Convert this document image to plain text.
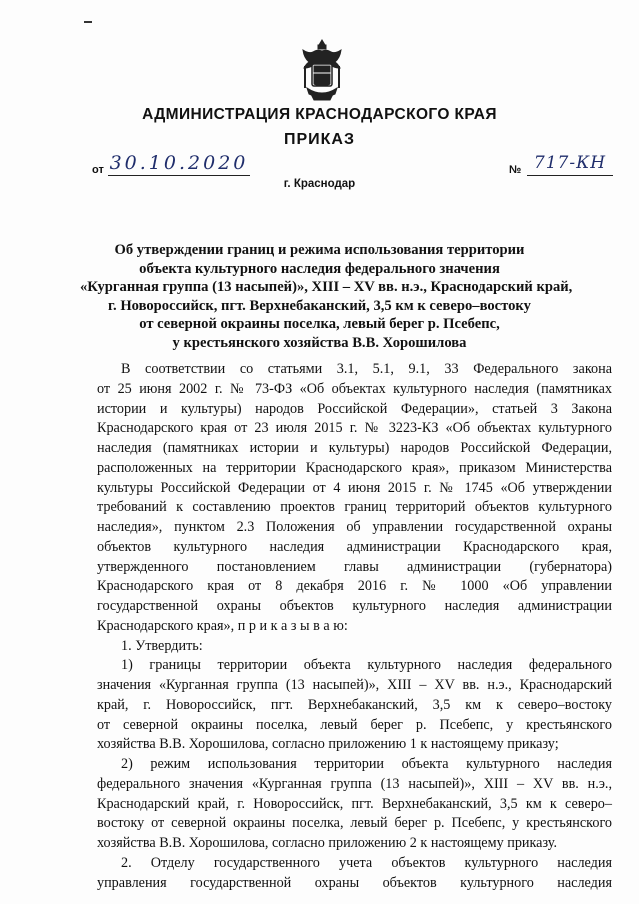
АДМИНИСТРАЦИЯ КРАСНОДАРСКОГО КРАЯ
ПРИКАЗ
от 30.10.2020	№ 717-КН
г. Краснодар
Об утверждении границ и режима использования территории
объекта культурного наследия федерального значения
«Курганная группа (13 насыпей)», XIII – XV вв. н.э., Краснодарский край,
г. Новороссийск, пгт. Верхнебаканский, 3,5 км к северо–востоку
от северной окраины поселка, левый берег р. Псебепс,
у крестьянского хозяйства В.В. Хорошилова
В соответствии со статьями 3.1, 5.1, 9.1, 33 Федерального закона
от 25 июня 2002 г. № 73-ФЗ «Об объектах культурного наследия (памятниках
истории и культуры) народов Российской Федерации», статьей 3 Закона
Краснодарского края от 23 июля 2015 г. № 3223-КЗ «Об объектах культурного
наследия (памятниках истории и культуры) народов Российской Федерации,
расположенных на территории Краснодарского края», приказом Министерства
культуры Российской Федерации от 4 июня 2015 г. № 1745 «Об утверждении
требований к составлению проектов границ территорий объектов культурного
наследия», пунктом 2.3 Положения об управлении государственной охраны
объектов культурного наследия администрации Краснодарского края,
утвержденного постановлением главы администрации (губернатора)
Краснодарского края от 8 декабря 2016 г. № 1000 «Об управлении
государственной охраны объектов культурного наследия администрации
Краснодарского края», п р и к а з ы в а ю:
1. Утвердить:
1) границы территории объекта культурного наследия федерального
значения «Курганная группа (13 насыпей)», XIII – XV вв. н.э., Краснодарский
край, г. Новороссийск, пгт. Верхнебаканский, 3,5 км к северо–востоку
от северной окраины поселка, левый берег р. Псебепс, у крестьянского
хозяйства В.В. Хорошилова, согласно приложению 1 к настоящему приказу;
2) режим использования территории объекта культурного наследия
федерального значения «Курганная группа (13 насыпей)», XIII – XV вв. н.э.,
Краснодарский край, г. Новороссийск, пгт. Верхнебаканский, 3,5 км к северо–
востоку от северной окраины поселка, левый берег р. Псебепс, у крестьянского
хозяйства В.В. Хорошилова, согласно приложению 2 к настоящему приказу.
2. Отделу государственного учета объектов культурного наследия
управления государственной охраны объектов культурного наследия
